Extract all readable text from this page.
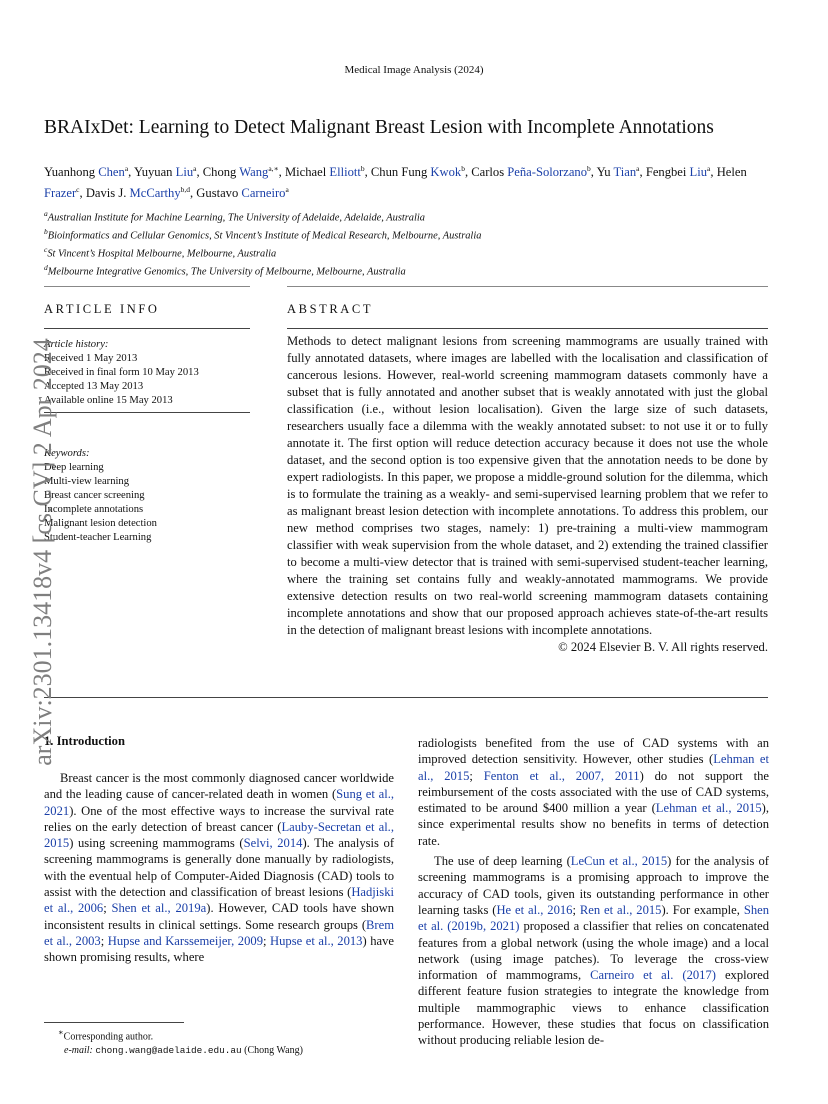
Medical Image Analysis (2024)
BRAIxDet: Learning to Detect Malignant Breast Lesion with Incomplete Annotations
Yuanhong Chen$^a$, Yuyuan Liu$^a$, Chong Wang$^{a,∗}$, Michael Elliott$^b$, Chun Fung Kwok$^b$, Carlos Peña-Solorzano$^b$, Yu Tian$^a$, Fengbei Liu$^a$, Helen Frazer$^c$, Davis J. McCarthy$^{b,d}$, Gustavo Carneiro$^a$
$^a$Australian Institute for Machine Learning, The University of Adelaide, Adelaide, Australia
$^b$Bioinformatics and Cellular Genomics, St Vincent’s Institute of Medical Research, Melbourne, Australia
$^c$St Vincent’s Hospital Melbourne, Melbourne, Australia
$^d$Melbourne Integrative Genomics, The University of Melbourne, Melbourne, Australia
ARTICLE INFO	ABSTRACT
Article history:
Received 1 May 2013
Received in final form 10 May 2013
Accepted 13 May 2013
Available online 15 May 2013
Keywords:
Deep learning
Multi-view learning
Breast cancer screening
Incomplete annotations
Malignant lesion detection
Student-teacher Learning
Methods to detect malignant lesions from screening mammograms are usually trained with fully annotated datasets, where images are labelled with the localisation and classification of cancerous lesions. However, real-world screening mammogram datasets commonly have a subset that is fully annotated and another subset that is weakly annotated with just the global classification (i.e., without lesion localisation). Given the large size of such datasets, researchers usually face a dilemma with the weakly annotated subset: to not use it or to fully annotate it. The first option will reduce detection accuracy because it does not use the whole dataset, and the second option is too expensive given that the annotation needs to be done by expert radiologists. In this paper, we propose a middle-ground solution for the dilemma, which is to formulate the training as a weakly- and semi-supervised learning problem that we refer to as malignant breast lesion detection with incomplete annotations. To address this problem, our new method comprises two stages, namely: 1) pre-training a multi-view mammogram classifier with weak supervision from the whole dataset, and 2) extending the trained classifier to become a multi-view detector that is trained with semi-supervised student-teacher learning, where the training set contains fully and weakly-annotated mammograms. We provide extensive detection results on two real-world screening mammogram datasets containing incomplete annotations and show that our proposed approach achieves state-of-the-art results in the detection of malignant breast lesions with incomplete annotations.
© 2024 Elsevier B. V. All rights reserved.
1. Introduction

Breast cancer is the most commonly diagnosed cancer worldwide and the leading cause of cancer-related death in women (Sung et al., 2021). One of the most effective ways to increase the survival rate relies on the early detection of breast cancer (Lauby-Secretan et al., 2015) using screening mammograms (Selvi, 2014). The analysis of screening mammograms is generally done manually by radiologists, with the eventual help of Computer-Aided Diagnosis (CAD) tools to assist with the detection and classification of breast lesions (Hadjiski et al., 2006; Shen et al., 2019a). However, CAD tools have shown inconsistent results in clinical settings. Some research groups (Brem et al., 2003; Hupse and Karssemeijer, 2009; Hupse et al., 2013) have shown promising results, where

radiologists benefited from the use of CAD systems with an improved detection sensitivity. However, other studies (Lehman et al., 2015; Fenton et al., 2007, 2011) do not support the reimbursement of the costs associated with the use of CAD systems, estimated to be around $400 million a year (Lehman et al., 2015), since experimental results show no benefits in terms of detection rate.

The use of deep learning (LeCun et al., 2015) for the analysis of screening mammograms is a promising approach to improve the accuracy of CAD tools, given its outstanding performance in other learning tasks (He et al., 2016; Ren et al., 2015). For example, Shen et al. (2019b, 2021) proposed a classifier that relies on concatenated features from a global network (using the whole image) and a local network (using image patches). To leverage the cross-view information of mammograms, Carneiro et al. (2017) explored different feature fusion strategies to integrate the knowledge from multiple mammographic views to enhance classification performance. However, these studies that focus on classification without producing reliable lesion de-

∗Corresponding author.
e-mail: chong.wang@adelaide.edu.au (Chong Wang)
arXiv:2301.13418v4 [cs.CV] 2 Apr 2024
